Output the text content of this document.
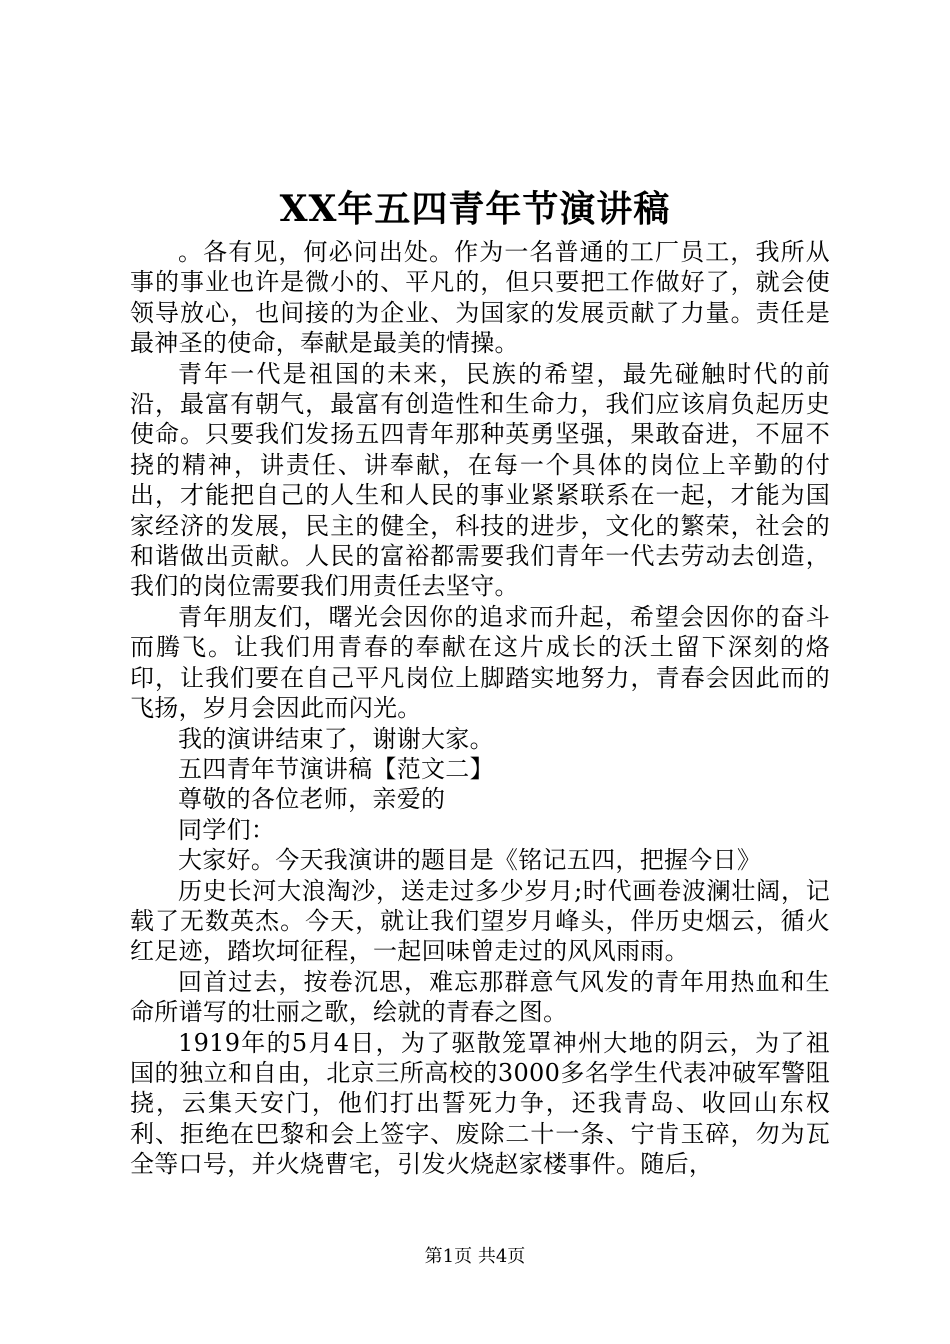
XX年五四青年节演讲稿

。各有见，何必问出处。作为一名普通的工厂员工，我所从事的事业也许是微小的、平凡的，但只要把工作做好了，就会使领导放心，也间接的为企业、为国家的发展贡献了力量。责任是最神圣的使命，奉献是最美的情操。

青年一代是祖国的未来，民族的希望，最先碰触时代的前沿，最富有朝气，最富有创造性和生命力，我们应该肩负起历史使命。只要我们发扬五四青年那种英勇坚强，果敢奋进，不屈不挠的精神，讲责任、讲奉献，在每一个具体的岗位上辛勤的付出，才能把自己的人生和人民的事业紧紧联系在一起，才能为国家经济的发展，民主的健全，科技的进步，文化的繁荣，社会的和谐做出贡献。人民的富裕都需要我们青年一代去劳动去创造，我们的岗位需要我们用责任去坚守。

青年朋友们，曙光会因你的追求而升起，希望会因你的奋斗而腾飞。让我们用青春的奉献在这片成长的沃土留下深刻的烙印，让我们要在自己平凡岗位上脚踏实地努力，青春会因此而的飞扬，岁月会因此而闪光。

我的演讲结束了，谢谢大家。

五四青年节演讲稿【范文二】

尊敬的各位老师，亲爱的

同学们：

大家好。今天我演讲的题目是《铭记五四，把握今日》

历史长河大浪淘沙，送走过多少岁月;时代画卷波澜壮阔，记载了无数英杰。今天，就让我们望岁月峰头，伴历史烟云，循火红足迹，踏坎坷征程，一起回味曾走过的风风雨雨。

回首过去，按卷沉思，难忘那群意气风发的青年用热血和生命所谱写的壮丽之歌，绘就的青春之图。

1919年的5月4日，为了驱散笼罩神州大地的阴云，为了祖国的独立和自由，北京三所高校的3000多名学生代表冲破军警阻挠，云集天安门，他们打出誓死力争，还我青岛、收回山东权利、拒绝在巴黎和会上签字、废除二十一条、宁肯玉碎，勿为瓦全等口号，并火烧曹宅，引发火烧赵家楼事件。随后，

第1页 共4页
